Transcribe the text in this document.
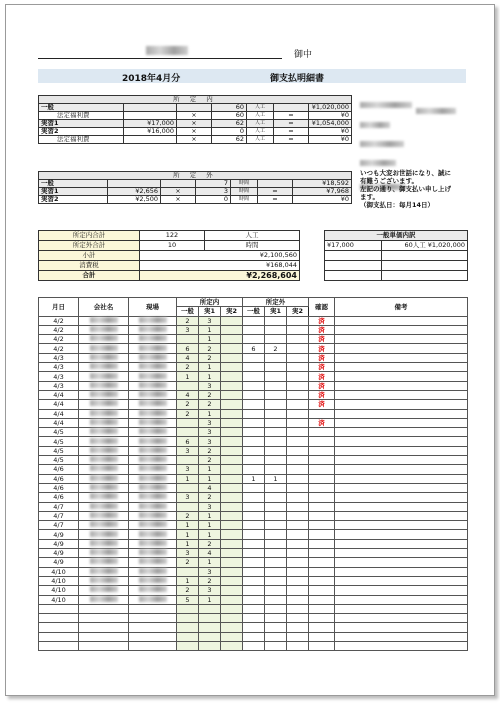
御中
2018年4月分	御支払明細書

所 定 内						
一般			60	人工		¥1,020,000
法定福利費		×	60	人工	=	¥0
実習1	¥17,000	×	62	人工	=	¥1,054,000
実習2	¥16,000	×	0	人工	=	¥0
法定福利費		×	62	人工	=	¥0
所 定 外						
一般			7	時間		¥18,592
実習1	¥2,656	×	3	時間	=	¥7,968
実習2	¥2,500	×	0	時間	=	¥0
いつも大変お世話になり、誠に
有難うございます。
左記の通り、御支払い申し上げ
ます。
（御支払日：毎月14日）
所定内合計	122	人工
所定外合計	10	時間
小計	¥2,100,560	
消費税	¥168,044	
合計	¥2,268,604	
一般単価内訳	
¥17,000	60人工 ¥1,020,000

月日	会社名	現場	所定内			所定外			確認	備考
			一般	実1	実2	一般	実1	実2		
4/2			2	3					済	
4/2			3	1					済	
4/2				1					済	
4/2			6	2		6	2		済	
4/3			4	2					済	
4/3			2	1					済	
4/3			1	1					済	
4/3				3					済	
4/4			4	2					済	
4/4			2	2					済	
4/4			2	1						
4/4				3					済	
4/5				3						
4/5			6	3						
4/5			3	2						
4/5				2						
4/6			3	1						
4/6			1	1		1	1			
4/6				4						
4/6			3	2						
4/7				3						
4/7			2	1						
4/7			1	1						
4/9			1	1						
4/9			1	2						
4/9			3	4						
4/9			2	1						
4/10				3						
4/10			1	2						
4/10			2	3						
4/10			5	1						
